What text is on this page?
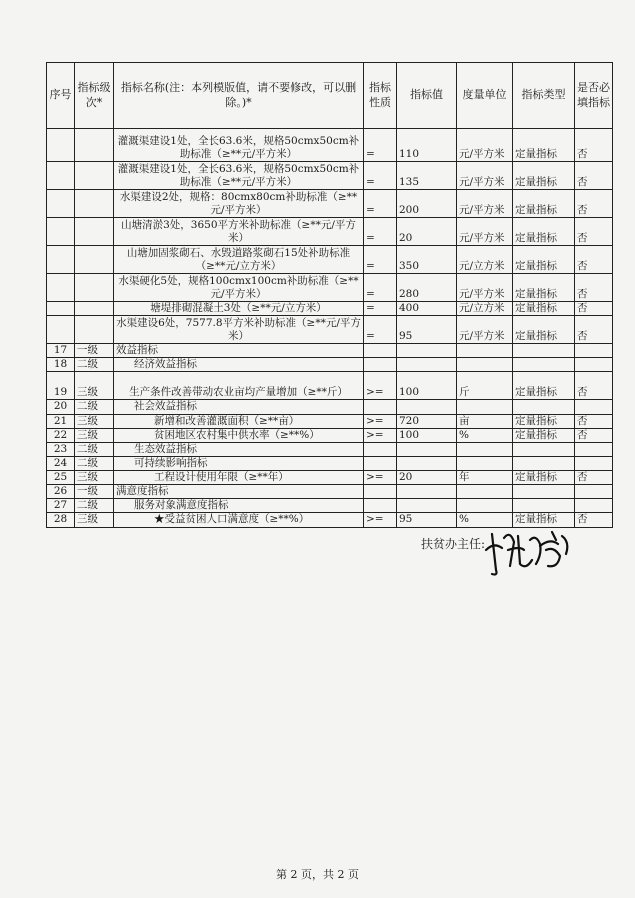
序号	指标级次*	指标名称(注：本列模版值，请不要修改，可以删除。)*	指标性质	指标值	度量单位	指标类型	是否必填指标
		灌溉渠建设1处，全长63.6米，规格50cmx50cm补助标准（≥**元/平方米）	=	110	元/平方米	定量指标	否
		灌溉渠建设1处，全长63.6米，规格50cmx50cm补助标准（≥**元/平方米）	=	135	元/平方米	定量指标	否
		水渠建设2处，规格：80cmx80cm补助标准（≥**元/平方米）	=	200	元/平方米	定量指标	否
		山塘清淤3处，3650平方米补助标准（≥**元/平方米）	=	20	元/平方米	定量指标	否
		山塘加固浆砌石、水毁道路浆砌石15处补助标准（≥**元/立方米）	=	350	元/立方米	定量指标	否
		水渠硬化5处，规格100cmx100cm补助标准（≥**元/平方米）	=	280	元/平方米	定量指标	否
		塘堤排砌混凝土3处（≥**元/立方米）	=	400	元/立方米	定量指标	否
		水渠建设6处，7577.8平方米补助标准（≥**元/平方米）	=	95	元/平方米	定量指标	否
17	一级	效益指标					
18	二级	经济效益指标					
19	三级	生产条件改善带动农业亩均产量增加（≥**斤）	>=	100	斤	定量指标	否
20	二级	社会效益指标					
21	三级	新增和改善灌溉面积（≥**亩）	>=	720	亩	定量指标	否
22	三级	贫困地区农村集中供水率（≥**%）	>=	100	%	定量指标	否
23	二级	生态效益指标					
24	二级	可持续影响指标					
25	三级	工程设计使用年限（≥**年）	>=	20	年	定量指标	否
26	一级	满意度指标					
27	二级	服务对象满意度指标					
28	三级	★受益贫困人口满意度（≥**%）	>=	95	%	定量指标	否
扶贫办主任:
第 2 页，共 2 页
